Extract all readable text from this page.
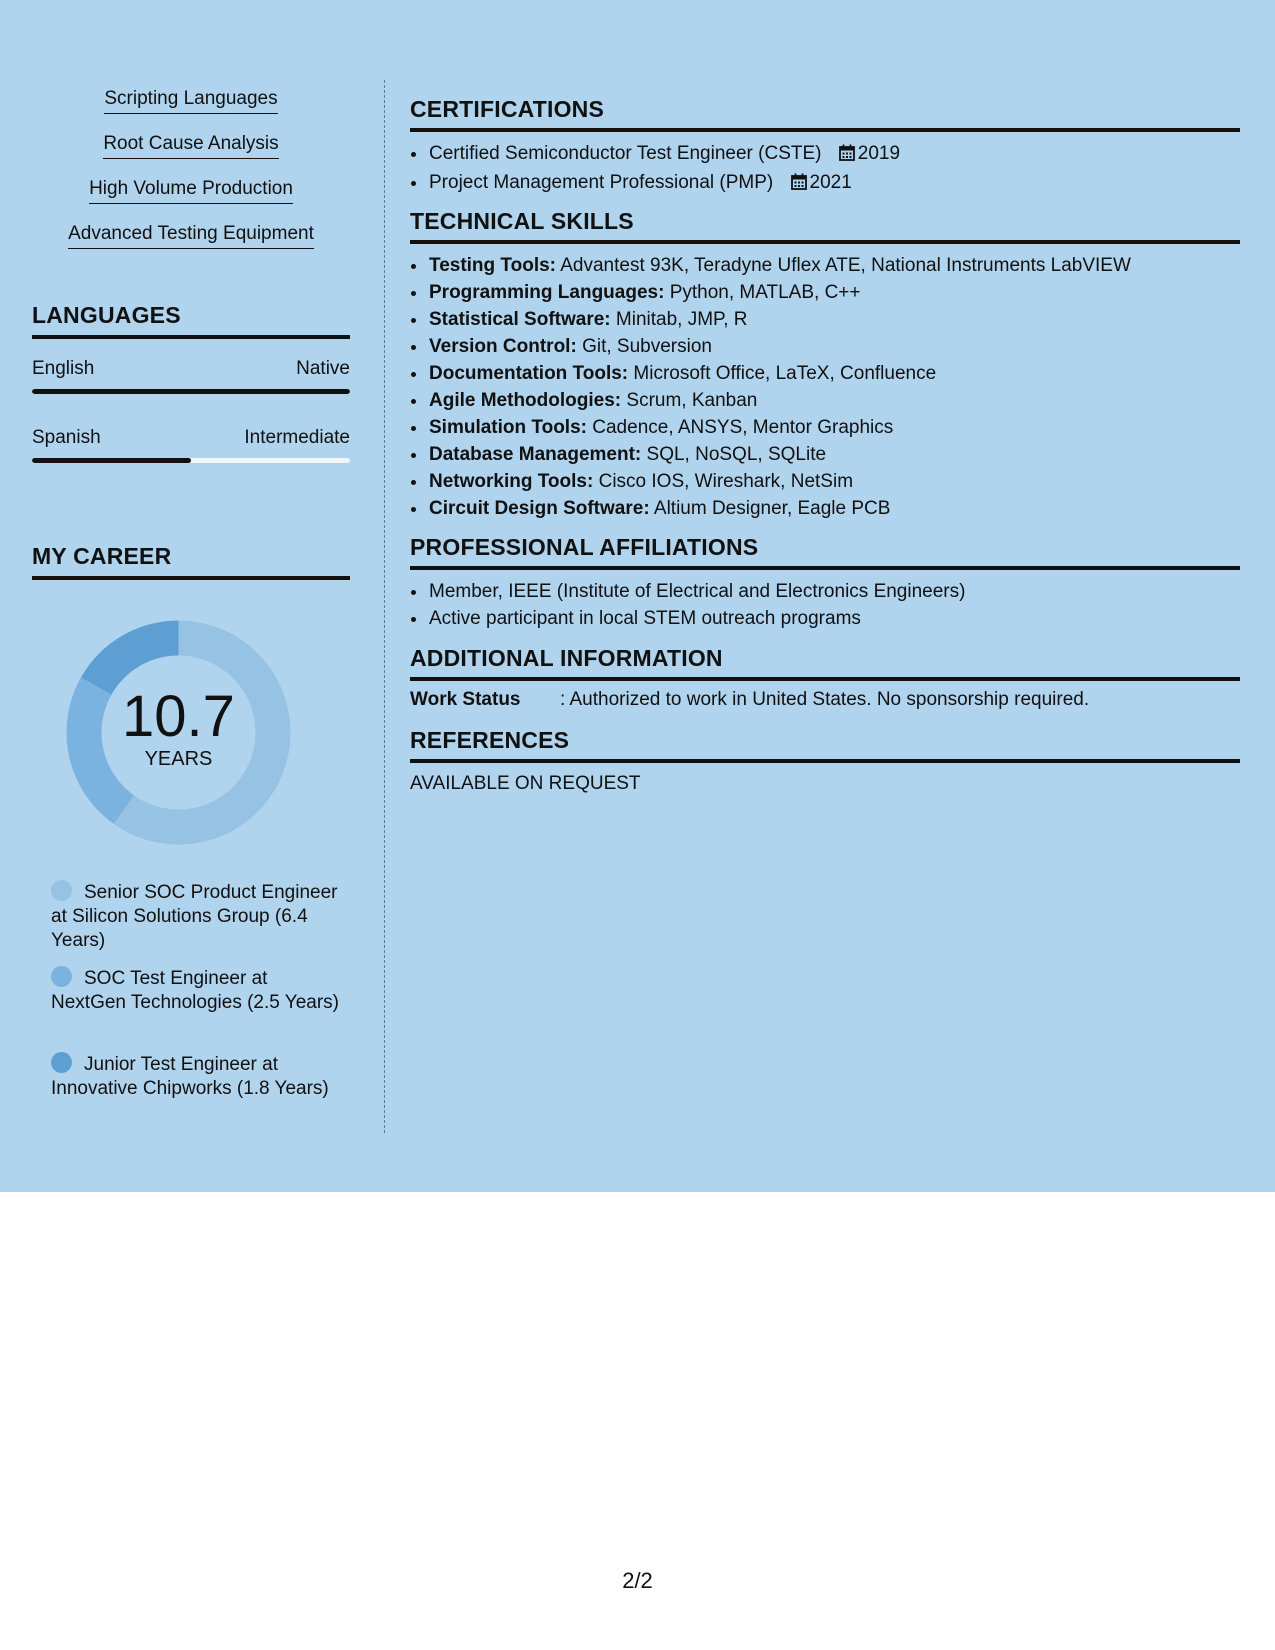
Scripting Languages
Root Cause Analysis
High Volume Production
Advanced Testing Equipment
LANGUAGES
English	Native
Spanish	Intermediate
MY CAREER
10.7
YEARS
Senior SOC Product Engineer at Silicon Solutions Group (6.4 Years)
SOC Test Engineer at NextGen Technologies (2.5 Years)
Junior Test Engineer at Innovative Chipworks (1.8 Years)
CERTIFICATIONS
• Certified Semiconductor Test Engineer (CSTE) 2019
• Project Management Professional (PMP) 2021
TECHNICAL SKILLS
• Testing Tools: Advantest 93K, Teradyne Uflex ATE, National Instruments LabVIEW
• Programming Languages: Python, MATLAB, C++
• Statistical Software: Minitab, JMP, R
• Version Control: Git, Subversion
• Documentation Tools: Microsoft Office, LaTeX, Confluence
• Agile Methodologies: Scrum, Kanban
• Simulation Tools: Cadence, ANSYS, Mentor Graphics
• Database Management: SQL, NoSQL, SQLite
• Networking Tools: Cisco IOS, Wireshark, NetSim
• Circuit Design Software: Altium Designer, Eagle PCB
PROFESSIONAL AFFILIATIONS
• Member, IEEE (Institute of Electrical and Electronics Engineers)
• Active participant in local STEM outreach programs
ADDITIONAL INFORMATION
Work Status	: Authorized to work in United States. No sponsorship required.
REFERENCES
AVAILABLE ON REQUEST
2/2
